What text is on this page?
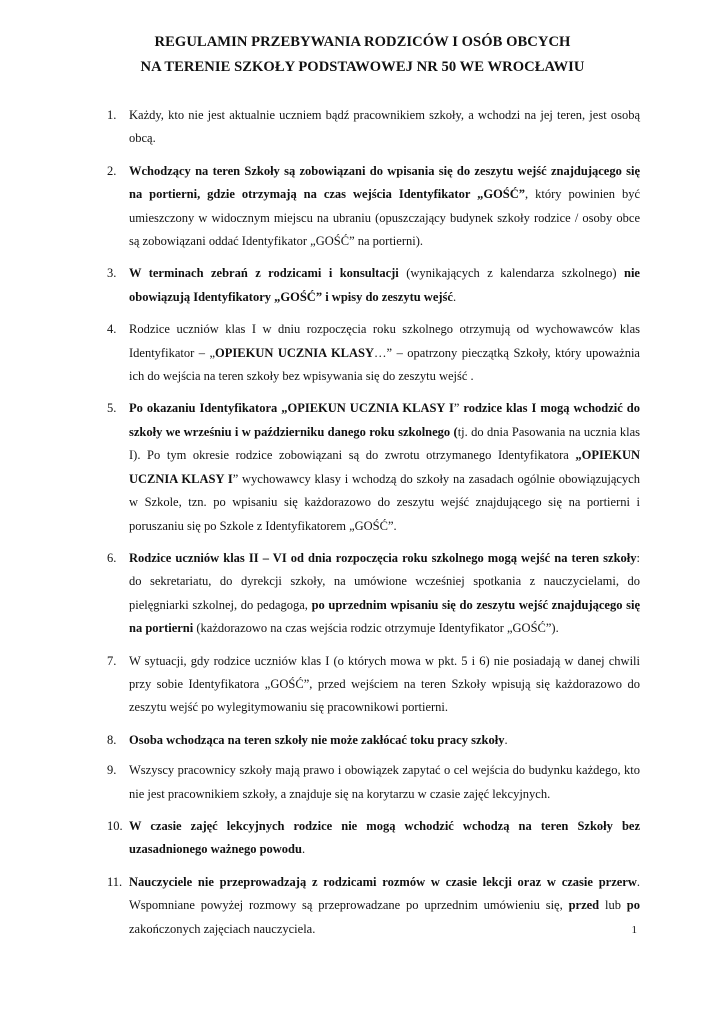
REGULAMIN PRZEBYWANIA RODZICÓW I OSÓB OBCYCH
NA TERENIE SZKOŁY PODSTAWOWEJ NR 50 WE WROCŁAWIU
1. Każdy, kto nie jest aktualnie uczniem bądź pracownikiem szkoły, a wchodzi na jej teren, jest osobą obcą.
2. Wchodzący na teren Szkoły są zobowiązani do wpisania się do zeszytu wejść znajdującego się na portierni, gdzie otrzymają na czas wejścia Identyfikator „GOŚĆ”, który powinien być umieszczony w widocznym miejscu na ubraniu (opuszczający budynek szkoły rodzice / osoby obce są zobowiązani oddać Identyfikator „GOŚĆ” na portierni).
3. W terminach zebrań z rodzicami i konsultacji (wynikających z kalendarza szkolnego) nie obowiązują Identyfikatory „GOŚĆ” i wpisy do zeszytu wejść.
4. Rodzice uczniów klas I w dniu rozpoczęcia roku szkolnego otrzymują od wychowawców klas Identyfikator – „OPIEKUN UCZNIA KLASY…” – opatrzony pieczątką Szkoły, który upoważnia ich do wejścia na teren szkoły bez wpisywania się do zeszytu wejść .
5. Po okazaniu Identyfikatora „OPIEKUN UCZNIA KLASY I” rodzice klas I mogą wchodzić do szkoły we wrześniu i w październiku danego roku szkolnego (tj. do dnia Pasowania na ucznia klas I). Po tym okresie rodzice zobowiązani są do zwrotu otrzymanego Identyfikatora „OPIEKUN UCZNIA KLASY I” wychowawcy klasy i wchodzą do szkoły na zasadach ogólnie obowiązujących w Szkole, tzn. po wpisaniu się każdorazowo do zeszytu wejść znajdującego się na portierni i poruszaniu się po Szkole z Identyfikatorem „GOŚĆ”.
6. Rodzice uczniów klas II – VI od dnia rozpoczęcia roku szkolnego mogą wejść na teren szkoły: do sekretariatu, do dyrekcji szkoły, na umówione wcześniej spotkania z nauczycielami, do pielęgniarki szkolnej, do pedagoga, po uprzednim wpisaniu się do zeszytu wejść znajdującego się na portierni (każdorazowo na czas wejścia rodzic otrzymuje Identyfikator „GOŚĆ”).
7. W sytuacji, gdy rodzice uczniów klas I (o których mowa w pkt. 5 i 6) nie posiadają w danej chwili przy sobie Identyfikatora „GOŚĆ”, przed wejściem na teren Szkoły wpisują się każdorazowo do zeszytu wejść po wylegitymowaniu się pracownikowi portierni.
8. Osoba wchodząca na teren szkoły nie może zakłócać toku pracy szkoły.
9. Wszyscy pracownicy szkoły mają prawo i obowiązek zapytać o cel wejścia do budynku każdego, kto nie jest pracownikiem szkoły, a znajduje się na korytarzu w czasie zajęć lekcyjnych.
10. W czasie zajęć lekcyjnych rodzice nie mogą wchodzić wchodzą na teren Szkoły bez uzasadnionego ważnego powodu.
11. Nauczyciele nie przeprowadzają z rodzicami rozmów w czasie lekcji oraz w czasie przerw. Wspomniane powyżej rozmowy są przeprowadzane po uprzednim umówieniu się, przed lub po zakończonych zajęciach nauczyciela.	1
